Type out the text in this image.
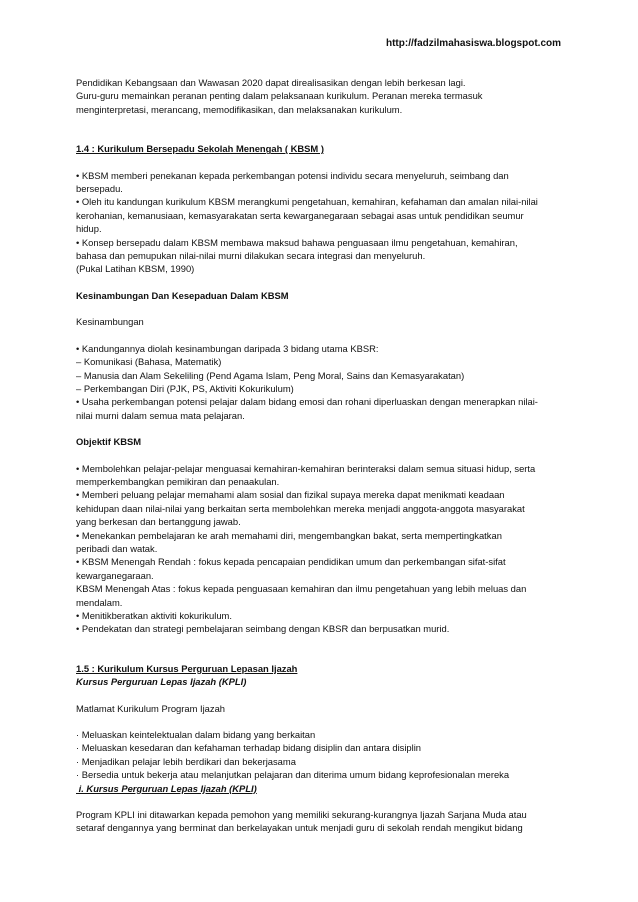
http://fadzilmahasiswa.blogspot.com

Pendidikan Kebangsaan dan Wawasan 2020 dapat direalisasikan dengan lebih berkesan lagi.

Guru-guru memainkan peranan penting dalam pelaksanaan kurikulum. Peranan mereka termasuk

menginterpretasi, merancang, memodifikasikan, dan melaksanakan kurikulum.

1.4 : Kurikulum Bersepadu Sekolah Menengah ( KBSM )

• KBSM memberi penekanan kepada perkembangan potensi individu secara menyeluruh, seimbang dan

bersepadu.

• Oleh itu kandungan kurikulum KBSM merangkumi pengetahuan, kemahiran, kefahaman dan amalan nilai-nilai

kerohanian, kemanusiaan, kemasyarakatan serta kewarganegaraan sebagai asas untuk pendidikan seumur

hidup.

• Konsep bersepadu dalam KBSM membawa maksud bahawa penguasaan ilmu pengetahuan, kemahiran,

bahasa dan pemupukan nilai-nilai murni dilakukan secara integrasi dan menyeluruh.

(Pukal Latihan KBSM, 1990)

Kesinambungan Dan Kesepaduan Dalam KBSM

Kesinambungan

• Kandungannya diolah kesinambungan daripada 3 bidang utama KBSR:

– Komunikasi (Bahasa, Matematik)

– Manusia dan Alam Sekeliling (Pend Agama Islam, Peng Moral, Sains dan Kemasyarakatan)

– Perkembangan Diri (PJK, PS, Aktiviti Kokurikulum)

• Usaha perkembangan potensi pelajar dalam bidang emosi dan rohani diperluaskan dengan menerapkan nilai-

nilai murni dalam semua mata pelajaran.

Objektif KBSM

• Membolehkan pelajar-pelajar menguasai kemahiran-kemahiran berinteraksi dalam semua situasi hidup, serta

memperkembangkan pemikiran dan penaakulan.

• Memberi peluang pelajar memahami alam sosial dan fizikal supaya mereka dapat menikmati keadaan

kehidupan daan nilai-nilai yang berkaitan serta membolehkan mereka menjadi anggota-anggota masyarakat

yang berkesan dan bertanggung jawab.

• Menekankan pembelajaran ke arah memahami diri, mengembangkan bakat, serta mempertingkatkan

peribadi dan watak.

• KBSM Menengah Rendah : fokus kepada pencapaian pendidikan umum dan perkembangan sifat-sifat

kewarganegaraan.

KBSM Menengah Atas : fokus kepada penguasaan kemahiran dan ilmu pengetahuan yang lebih meluas dan

mendalam.

• Menitikberatkan aktiviti kokurikulum.

• Pendekatan dan strategi pembelajaran seimbang dengan KBSR dan berpusatkan murid.

1.5 : Kurikulum Kursus Perguruan Lepasan Ijazah

Kursus Perguruan Lepas Ijazah (KPLI)

Matlamat Kurikulum Program Ijazah

· Meluaskan keintelektualan dalam bidang yang berkaitan

· Meluaskan kesedaran dan kefahaman terhadap bidang disiplin dan antara disiplin

· Menjadikan pelajar lebih berdikari dan bekerjasama

· Bersedia untuk bekerja atau melanjutkan pelajaran dan diterima umum bidang keprofesionalan mereka

i. Kursus Perguruan Lepas Ijazah (KPLI)

Program KPLI ini ditawarkan kepada pemohon yang memiliki sekurang-kurangnya Ijazah Sarjana Muda atau

setaraf dengannya yang berminat dan berkelayakan untuk menjadi guru di sekolah rendah mengikut bidang
